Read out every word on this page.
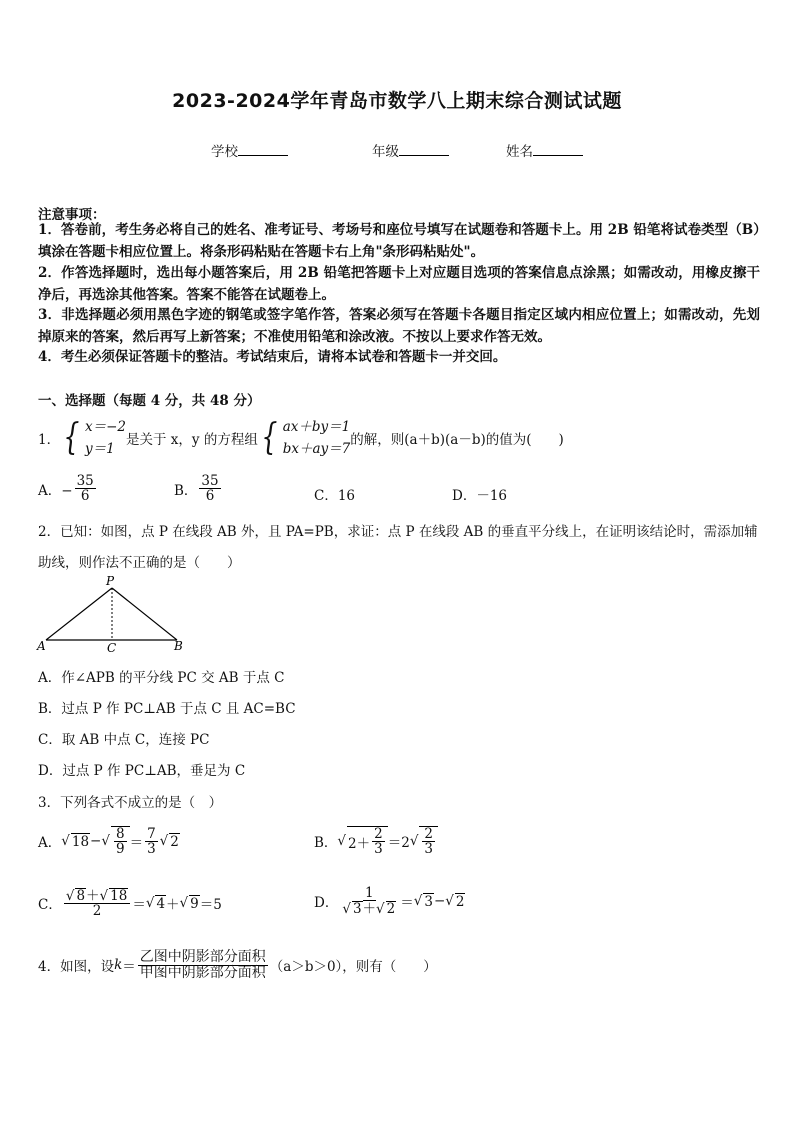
2023-2024学年青岛市数学八上期末综合测试试题
学校	年级	姓名
注意事项：
1．答卷前，考生务必将自己的姓名、准考证号、考场号和座位号填写在试题卷和答题卡上。用 2B 铅笔将试卷类型（B）填涂在答题卡相应位置上。将条形码粘贴在答题卡右上角"条形码粘贴处"。
2．作答选择题时，选出每小题答案后，用 2B 铅笔把答题卡上对应题目选项的答案信息点涂黑；如需改动，用橡皮擦干净后，再选涂其他答案。答案不能答在试题卷上。
3．非选择题必须用黑色字迹的钢笔或签字笔作答，答案必须写在答题卡各题目指定区域内相应位置上；如需改动，先划掉原来的答案，然后再写上新答案；不准使用铅笔和涂改液。不按以上要求作答无效。
4．考生必须保证答题卡的整洁。考试结束后，请将本试卷和答题卡一并交回。
一、选择题（每题 4 分，共 48 分）
1． { x＝−2
y＝1
是关于 x，y 的方程组 { ax＋by＝1
bx＋ay＝7
的解，则(a＋b)(a－b)的值为(　　)
A．− $\frac{35}{6}$	B． $\frac{35}{6}$	C．16	D．－16
2．已知：如图，点 P 在线段 AB 外，且 PA=PB，求证：点 P 在线段 AB 的垂直平分线上，在证明该结论时，需添加辅
助线，则作法不正确的是（　　）
P
A	B
C
A．作∠APB 的平分线 PC 交 AB 于点 C
B．过点 P 作 PC⊥AB 于点 C 且 AC=BC
C．取 AB 中点 C，连接 PC
D．过点 P 作 PC⊥AB，垂足为 C
3．下列各式不成立的是（　）
A． √ 18 − √ $\frac{8}{9} = \frac{7}{3}$ √ 2	B． √ $2+ \frac{2}{3} =2$ √ $\frac{2}{3}$
C． $\frac{√ 8+√ 18}{2}$ ＝ √ 4 ＋ √ 9 ＝5	D． $\frac{1}{√ 3+√ 2}$ ＝ √ 3 − √ 2
4．如图，设 $k = \frac{\text{乙图中阴影部分面积}}{\text{甲图中阴影部分面积}} (a>b>0)$，则有（　　）
